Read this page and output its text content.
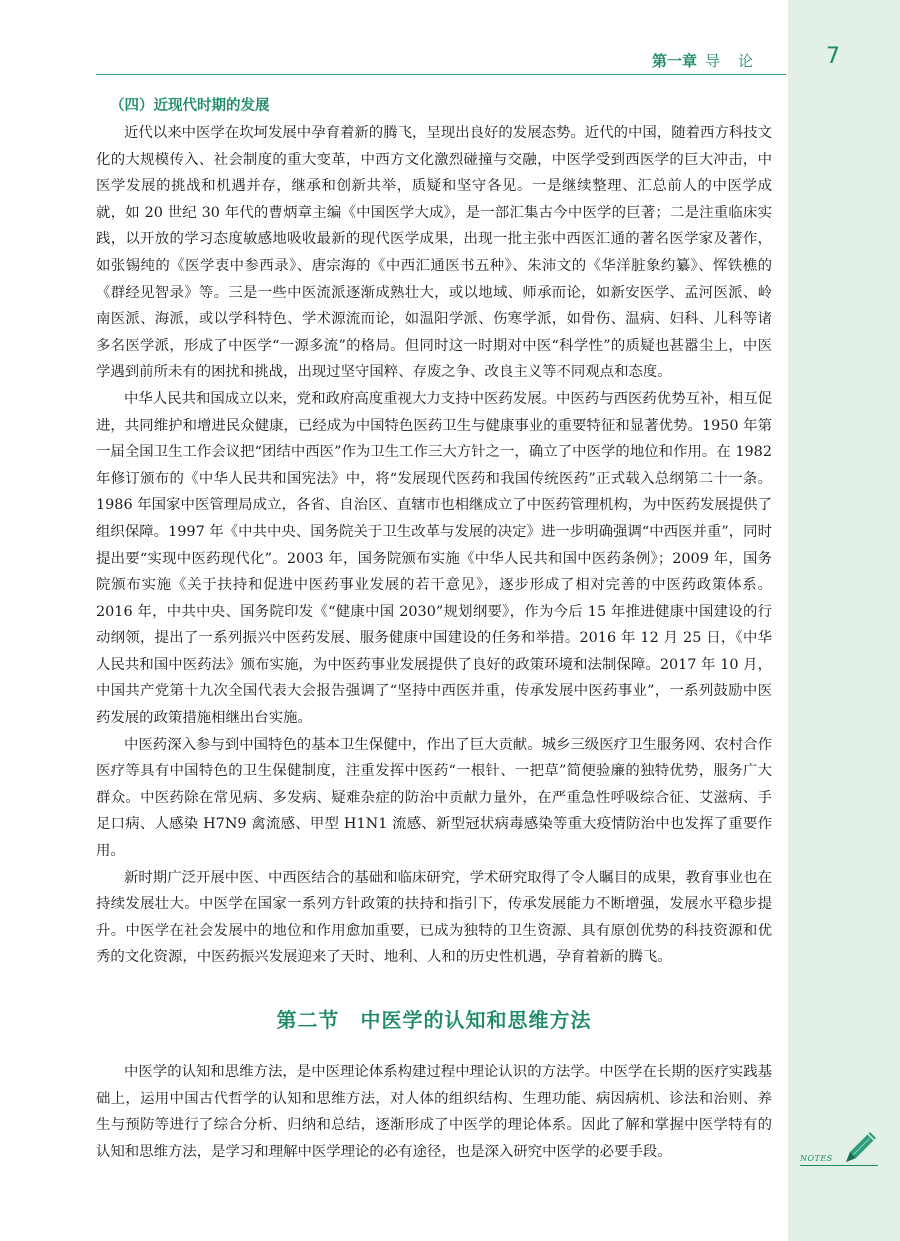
第一章 导论 7

（四）近现代时期的发展

近代以来中医学在坎坷发展中孕育着新的腾飞，呈现出良好的发展态势。近代的中国，随着西方科技文化的大规模传入、社会制度的重大变革，中西方文化激烈碰撞与交融，中医学受到西医学的巨大冲击，中医学发展的挑战和机遇并存，继承和创新共举，质疑和坚守各见。一是继续整理、汇总前人的中医学成就，如 20 世纪 30 年代的曹炳章主编《中国医学大成》，是一部汇集古今中医学的巨著；二是注重临床实践，以开放的学习态度敏感地吸收最新的现代医学成果，出现一批主张中西医汇通的著名医学家及著作，如张锡纯的《医学衷中参西录》、唐宗海的《中西汇通医书五种》、朱沛文的《华洋脏象约纂》、恽铁樵的《群经见智录》等。三是一些中医流派逐渐成熟壮大，或以地域、师承而论，如新安医学、孟河医派、岭南医派、海派，或以学科特色、学术源流而论，如温阳学派、伤寒学派，如骨伤、温病、妇科、儿科等诸多名医学派，形成了中医学“一源多流”的格局。但同时这一时期对中医“科学性”的质疑也甚嚣尘上，中医学遇到前所未有的困扰和挑战，出现过坚守国粹、存废之争、改良主义等不同观点和态度。

中华人民共和国成立以来，党和政府高度重视大力支持中医药发展。中医药与西医药优势互补，相互促进，共同维护和增进民众健康，已经成为中国特色医药卫生与健康事业的重要特征和显著优势。1950 年第一届全国卫生工作会议把“团结中西医”作为卫生工作三大方针之一，确立了中医学的地位和作用。在 1982 年修订颁布的《中华人民共和国宪法》中，将“发展现代医药和我国传统医药”正式载入总纲第二十一条。1986 年国家中医管理局成立，各省、自治区、直辖市也相继成立了中医药管理机构，为中医药发展提供了组织保障。1997 年《中共中央、国务院关于卫生改革与发展的决定》进一步明确强调“中西医并重”，同时提出要“实现中医药现代化”。2003 年，国务院颁布实施《中华人民共和国中医药条例》；2009 年，国务院颁布实施《关于扶持和促进中医药事业发展的若干意见》，逐步形成了相对完善的中医药政策体系。2016 年，中共中央、国务院印发《“健康中国 2030”规划纲要》，作为今后 15 年推进健康中国建设的行动纲领，提出了一系列振兴中医药发展、服务健康中国建设的任务和举措。2016 年 12 月 25 日，《中华人民共和国中医药法》颁布实施，为中医药事业发展提供了良好的政策环境和法制保障。2017 年 10 月，中国共产党第十九次全国代表大会报告强调了“坚持中西医并重，传承发展中医药事业”，一系列鼓励中医药发展的政策措施相继出台实施。

中医药深入参与到中国特色的基本卫生保健中，作出了巨大贡献。城乡三级医疗卫生服务网、农村合作医疗等具有中国特色的卫生保健制度，注重发挥中医药“一根针、一把草”简便验廉的独特优势，服务广大群众。中医药除在常见病、多发病、疑难杂症的防治中贡献力量外，在严重急性呼吸综合征、艾滋病、手足口病、人感染 H7N9 禽流感、甲型 H1N1 流感、新型冠状病毒感染等重大疫情防治中也发挥了重要作用。

新时期广泛开展中医、中西医结合的基础和临床研究，学术研究取得了令人瞩目的成果，教育事业也在持续发展壮大。中医学在国家一系列方针政策的扶持和指引下，传承发展能力不断增强，发展水平稳步提升。中医学在社会发展中的地位和作用愈加重要，已成为独特的卫生资源、具有原创优势的科技资源和优秀的文化资源，中医药振兴发展迎来了天时、地利、人和的历史性机遇，孕育着新的腾飞。

第二节　中医学的认知和思维方法

中医学的认知和思维方法，是中医理论体系构建过程中理论认识的方法学。中医学在长期的医疗实践基础上，运用中国古代哲学的认知和思维方法，对人体的组织结构、生理功能、病因病机、诊法和治则、养生与预防等进行了综合分析、归纳和总结，逐渐形成了中医学的理论体系。因此了解和掌握中医学特有的认知和思维方法，是学习和理解中医学理论的必有途径，也是深入研究中医学的必要手段。	NOTES
